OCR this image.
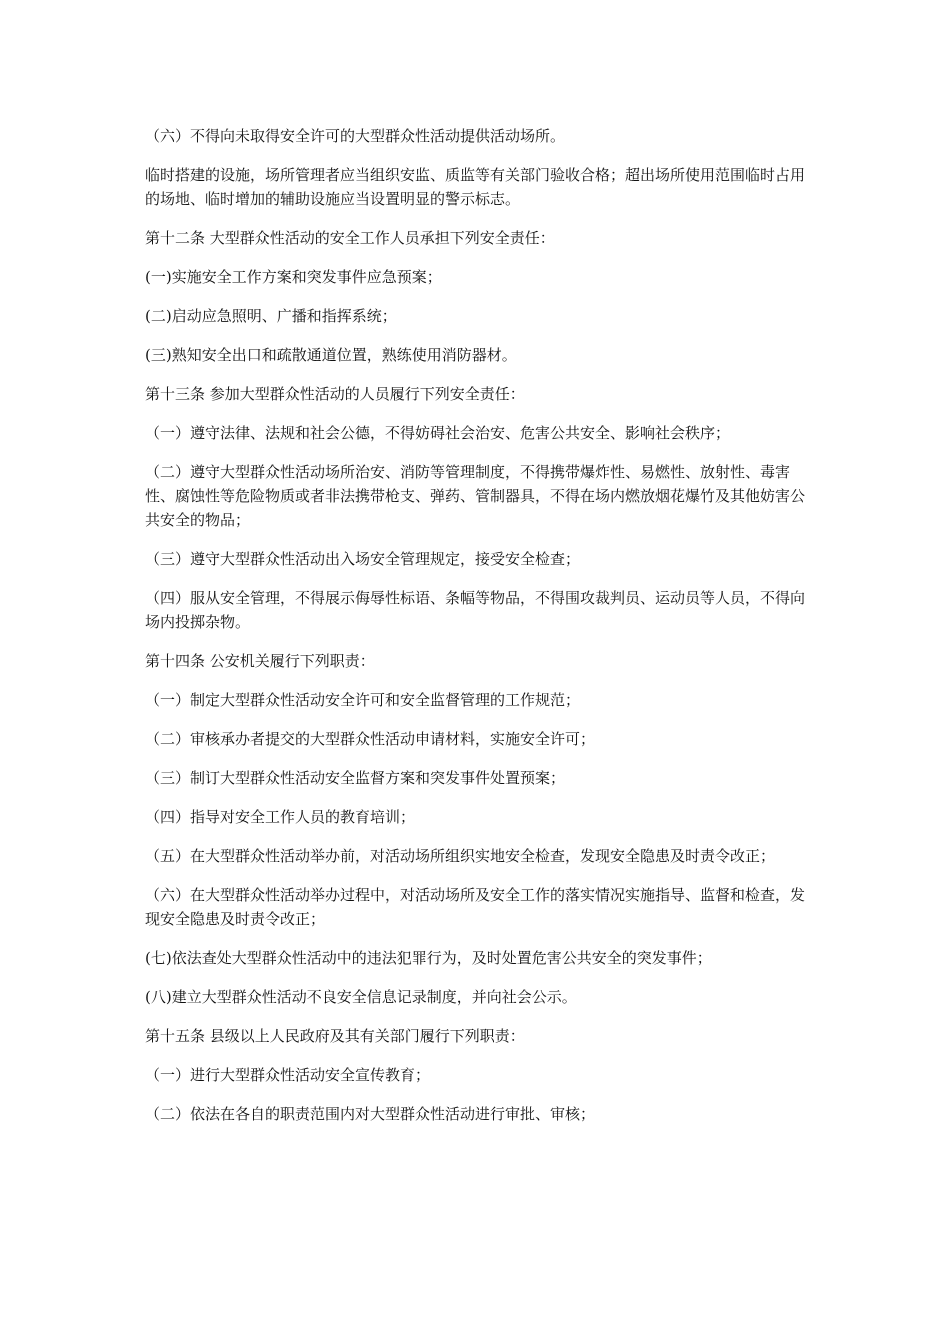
（六）不得向未取得安全许可的大型群众性活动提供活动场所。

临时搭建的设施，场所管理者应当组织安监、质监等有关部门验收合格；超出场所使用范围临时占用的场地、临时增加的辅助设施应当设置明显的警示标志。

第十二条 大型群众性活动的安全工作人员承担下列安全责任：

(一)实施安全工作方案和突发事件应急预案；

(二)启动应急照明、广播和指挥系统；

(三)熟知安全出口和疏散通道位置，熟练使用消防器材。

第十三条 参加大型群众性活动的人员履行下列安全责任：

（一）遵守法律、法规和社会公德，不得妨碍社会治安、危害公共安全、影响社会秩序；

（二）遵守大型群众性活动场所治安、消防等管理制度，不得携带爆炸性、易燃性、放射性、毒害性、腐蚀性等危险物质或者非法携带枪支、弹药、管制器具，不得在场内燃放烟花爆竹及其他妨害公共安全的物品；

（三）遵守大型群众性活动出入场安全管理规定，接受安全检查；

（四）服从安全管理，不得展示侮辱性标语、条幅等物品，不得围攻裁判员、运动员等人员，不得向场内投掷杂物。

第十四条 公安机关履行下列职责：

（一）制定大型群众性活动安全许可和安全监督管理的工作规范；

（二）审核承办者提交的大型群众性活动申请材料，实施安全许可；

（三）制订大型群众性活动安全监督方案和突发事件处置预案；

（四）指导对安全工作人员的教育培训；

（五）在大型群众性活动举办前，对活动场所组织实地安全检查，发现安全隐患及时责令改正；

（六）在大型群众性活动举办过程中，对活动场所及安全工作的落实情况实施指导、监督和检查，发现安全隐患及时责令改正；

(七)依法查处大型群众性活动中的违法犯罪行为，及时处置危害公共安全的突发事件；

(八)建立大型群众性活动不良安全信息记录制度，并向社会公示。

第十五条 县级以上人民政府及其有关部门履行下列职责：

（一）进行大型群众性活动安全宣传教育；

（二）依法在各自的职责范围内对大型群众性活动进行审批、审核；
